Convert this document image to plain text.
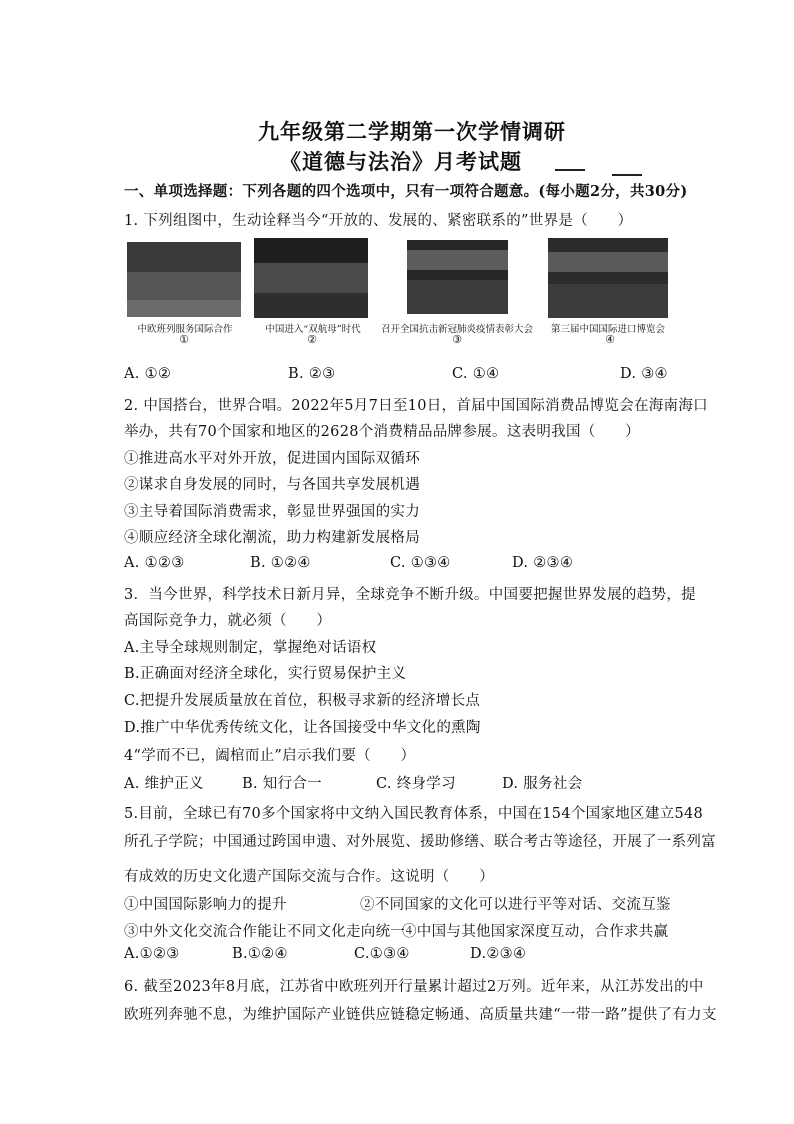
九年级第二学期第一次学情调研
《道德与法治》月考试题
一、单项选择题：下列各题的四个选项中，只有一项符合题意。(每小题2分，共30分)
1. 下列组图中，生动诠释当今“开放的、发展的、紧密联系的”世界是（　　）
中欧班列服务国际合作	中国进入“双航母”时代	召开全国抗击新冠肺炎疫情表彰大会	第三届中国国际进口博览会
①	②	③	④
A. ①②	B. ②③	C. ①④	D. ③④
2. 中国搭台，世界合唱。2022年5月7日至10日，首届中国国际消费品博览会在海南海口
举办，共有70个国家和地区的2628个消费精品品牌参展。这表明我国（　　）
①推进高水平对外开放，促进国内国际双循环
②谋求自身发展的同时，与各国共享发展机遇
③主导着国际消费需求，彰显世界强国的实力
④顺应经济全球化潮流，助力构建新发展格局
A. ①②③	B. ①②④	C. ①③④	D. ②③④
3．当今世界，科学技术日新月异，全球竞争不断升级。中国要把握世界发展的趋势，提
高国际竞争力，就必须（　　）
A.主导全球规则制定，掌握绝对话语权
B.正确面对经济全球化，实行贸易保护主义
C.把提升发展质量放在首位，积极寻求新的经济增长点
D.推广中华优秀传统文化，让各国接受中华文化的熏陶
4“学而不已，阖棺而止”启示我们要（　　）
A. 维护正义	B. 知行合一	C. 终身学习	D. 服务社会
5.目前，全球已有70多个国家将中文纳入国民教育体系，中国在154个国家地区建立548
所孔子学院；中国通过跨国申遗、对外展览、援助修缮、联合考古等途径，开展了一系列富
有成效的历史文化遗产国际交流与合作。这说明（　　）
①中国国际影响力的提升	②不同国家的文化可以进行平等对话、交流互鉴
③中外文化交流合作能让不同文化走向统一
④中国与其他国家深度互动，合作求共赢
A.①②③	B.①②④	C.①③④	D.②③④
6. 截至2023年8月底，江苏省中欧班列开行量累计超过2万列。近年来，从江苏发出的中
欧班列奔驰不息，为维护国际产业链供应链稳定畅通、高质量共建“一带一路”提供了有力支
